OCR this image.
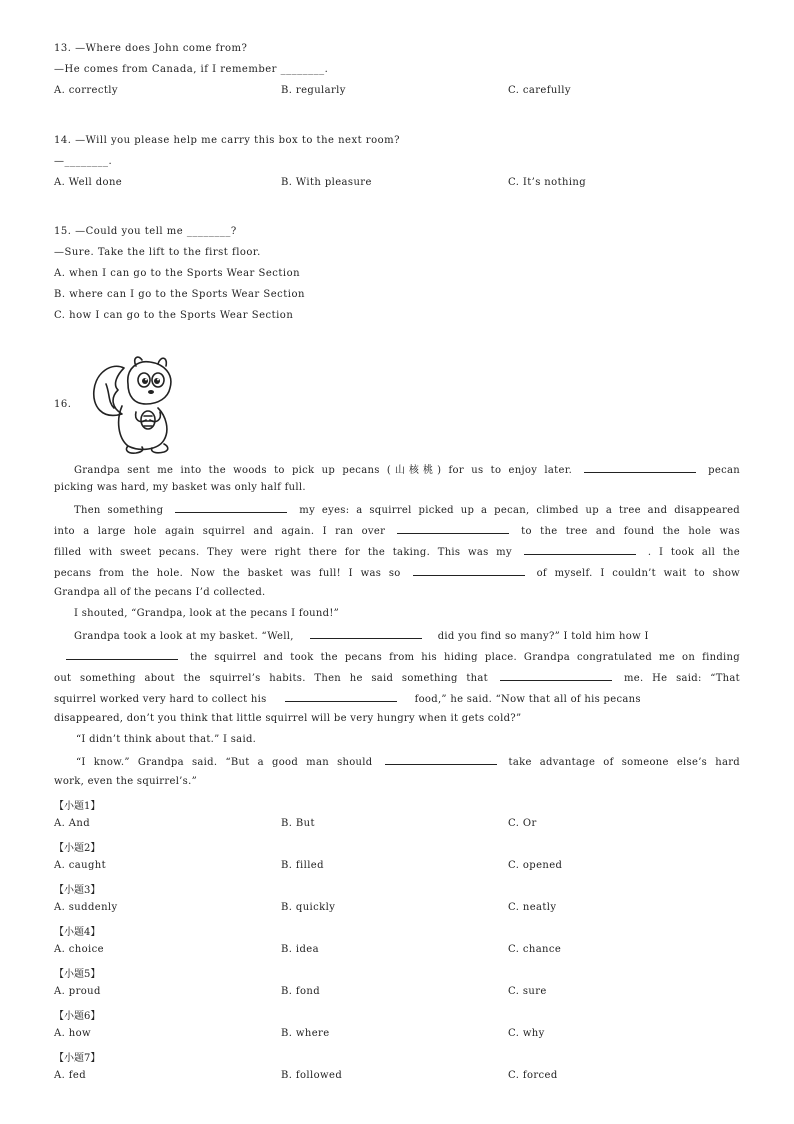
13. —Where does John come from?
—He comes from Canada, if I remember ________.
A. correctly	B. regularly	C. carefully
14. —Will you please help me carry this box to the next room?
—________.
A. Well done	B. With pleasure	C. It’s nothing
15. —Could you tell me ________?
—Sure. Take the lift to the first floor.
A. when I can go to the Sports Wear Section
B. where can I go to the Sports Wear Section
C. how I can go to the Sports Wear Section
16.
Grandpa sent me into the woods to pick up pecans (山核桃) for us to enjoy later.	pecan
picking was hard, my basket was only half full.
Then something	my eyes: a squirrel picked up a pecan, climbed up a tree and disappeared
into a large hole again squirrel and again. I ran over	to the tree and found the hole was
filled with sweet pecans. They were right there for the taking. This was my	. I took all the
pecans from the hole. Now the basket was full! I was so	of myself. I couldn’t wait to show
Grandpa all of the pecans I’d collected.
I shouted, “Grandpa, look at the pecans I found!”
Grandpa took a look at my basket. “Well,	did you find so many?” I told him how I
the squirrel and took the pecans from his hiding place. Grandpa congratulated me on finding
out something about the squirrel’s habits. Then he said something that	me. He said: “That
squirrel worked very hard to collect his	food,” he said. “Now that all of his pecans
disappeared, don’t you think that little squirrel will be very hungry when it gets cold?”
“I didn’t think about that.” I said.
“I know.” Grandpa said. “But a good man should	take advantage of someone else’s hard
work, even the squirrel’s.”
【小题1】
A. And	B. But	C. Or
【小题2】
A. caught	B. filled	C. opened
【小题3】
A. suddenly	B. quickly	C. neatly
【小题4】
A. choice	B. idea	C. chance
【小题5】
A. proud	B. fond	C. sure
【小题6】
A. how	B. where	C. why
【小题7】
A. fed	B. followed	C. forced
